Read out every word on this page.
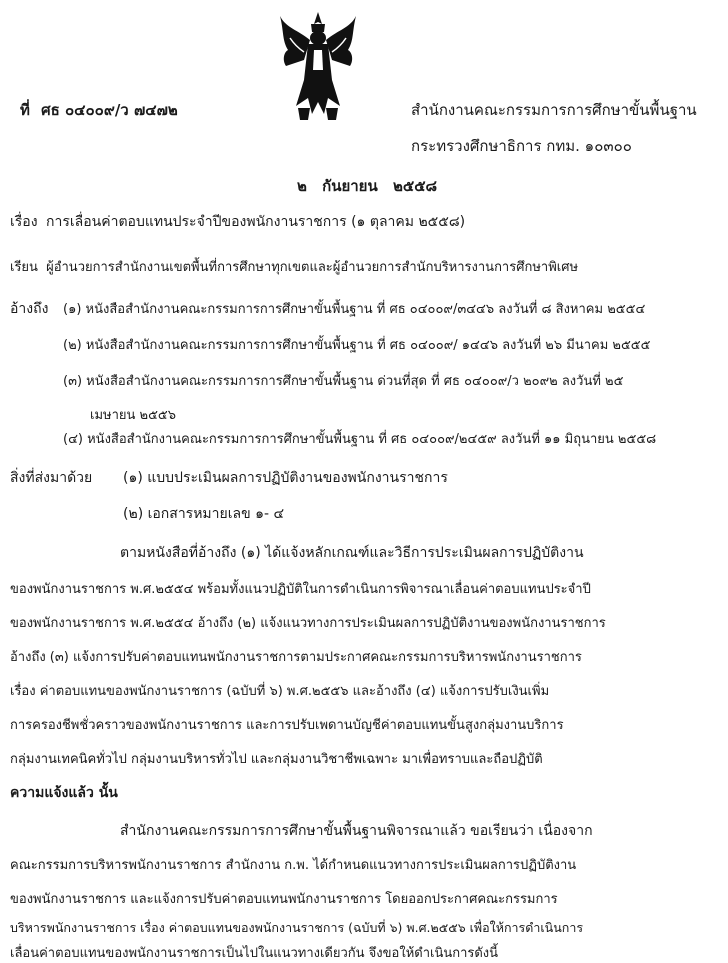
ที่ ศธ ๐๔๐๐๙/ว ๗๔๗๒	สำนักงานคณะกรรมการการศึกษาขั้นพื้นฐาน
กระทรวงศึกษาธิการ กทม. ๑๐๓๐๐
๒ กันยายน ๒๕๕๘
เรื่อง การเลื่อนค่าตอบแทนประจำปีของพนักงานราชการ (๑ ตุลาคม ๒๕๕๘)
เรียน ผู้อำนวยการสำนักงานเขตพื้นที่การศึกษาทุกเขตและผู้อำนวยการสำนักบริหารงานการศึกษาพิเศษ
อ้างถึง (๑) หนังสือสำนักงานคณะกรรมการการศึกษาขั้นพื้นฐาน ที่ ศธ ๐๔๐๐๙/๓๔๔๖ ลงวันที่ ๘ สิงหาคม ๒๕๕๔
(๒) หนังสือสำนักงานคณะกรรมการการศึกษาขั้นพื้นฐาน ที่ ศธ ๐๔๐๐๙/ ๑๔๔๖ ลงวันที่ ๒๖ มีนาคม ๒๕๕๕
(๓) หนังสือสำนักงานคณะกรรมการการศึกษาขั้นพื้นฐาน ด่วนที่สุด ที่ ศธ ๐๔๐๐๙/ว ๒๐๙๒ ลงวันที่ ๒๕
เมษายน ๒๕๕๖
(๔) หนังสือสำนักงานคณะกรรมการการศึกษาขั้นพื้นฐาน ที่ ศธ ๐๔๐๐๙/๒๔๕๙ ลงวันที่ ๑๑ มิถุนายน ๒๕๕๘
สิ่งที่ส่งมาด้วย (๑) แบบประเมินผลการปฏิบัติงานของพนักงานราชการ
(๒) เอกสารหมายเลข ๑- ๔
ตามหนังสือที่อ้างถึง (๑) ได้แจ้งหลักเกณฑ์และวิธีการประเมินผลการปฏิบัติงาน
ของพนักงานราชการ พ.ศ.๒๕๕๔ พร้อมทั้งแนวปฏิบัติในการดำเนินการพิจารณาเลื่อนค่าตอบแทนประจำปี
ของพนักงานราชการ พ.ศ.๒๕๕๔ อ้างถึง (๒) แจ้งแนวทางการประเมินผลการปฏิบัติงานของพนักงานราชการ
อ้างถึง (๓) แจ้งการปรับค่าตอบแทนพนักงานราชการตามประกาศคณะกรรมการบริหารพนักงานราชการ
เรื่อง ค่าตอบแทนของพนักงานราชการ (ฉบับที่ ๖) พ.ศ.๒๕๕๖ และอ้างถึง (๔) แจ้งการปรับเงินเพิ่ม
การครองชีพชั่วคราวของพนักงานราชการ และการปรับเพดานบัญชีค่าตอบแทนขั้นสูงกลุ่มงานบริการ
กลุ่มงานเทคนิคทั่วไป กลุ่มงานบริหารทั่วไป และกลุ่มงานวิชาชีพเฉพาะ มาเพื่อทราบและถือปฏิบัติ
ความแจ้งแล้ว นั้น
สำนักงานคณะกรรมการการศึกษาขั้นพื้นฐานพิจารณาแล้ว ขอเรียนว่า เนื่องจาก
คณะกรรมการบริหารพนักงานราชการ สำนักงาน ก.พ. ได้กำหนดแนวทางการประเมินผลการปฏิบัติงาน
ของพนักงานราชการ และแจ้งการปรับค่าตอบแทนพนักงานราชการ โดยออกประกาศคณะกรรมการ
บริหารพนักงานราชการ เรื่อง ค่าตอบแทนของพนักงานราชการ (ฉบับที่ ๖) พ.ศ.๒๕๕๖ เพื่อให้การดำเนินการ
เลื่อนค่าตอบแทนของพนักงานราชการเป็นไปในแนวทางเดียวกัน จึงขอให้ดำเนินการดังนี้
